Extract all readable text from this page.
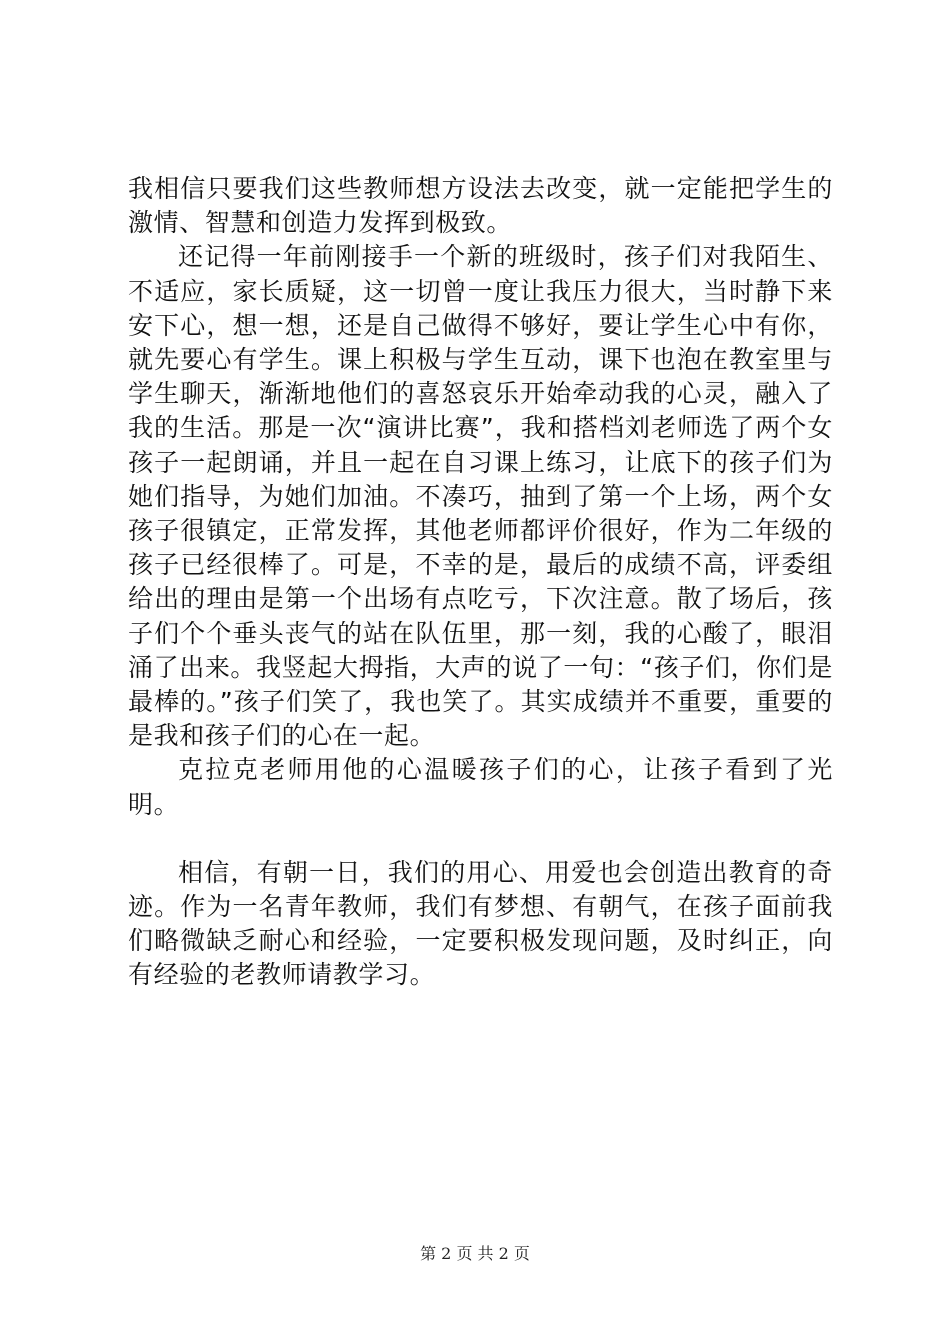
我相信只要我们这些教师想方设法去改变，就一定能把学生的激情、智慧和创造力发挥到极致。

还记得一年前刚接手一个新的班级时，孩子们对我陌生、不适应，家长质疑，这一切曾一度让我压力很大，当时静下来安下心，想一想，还是自己做得不够好，要让学生心中有你，就先要心有学生。课上积极与学生互动，课下也泡在教室里与学生聊天，渐渐地他们的喜怒哀乐开始牵动我的心灵，融入了我的生活。那是一次“演讲比赛”，我和搭档刘老师选了两个女孩子一起朗诵，并且一起在自习课上练习，让底下的孩子们为她们指导，为她们加油。不凑巧，抽到了第一个上场，两个女孩子很镇定，正常发挥，其他老师都评价很好，作为二年级的孩子已经很棒了。可是，不幸的是，最后的成绩不高，评委组给出的理由是第一个出场有点吃亏，下次注意。散了场后，孩子们个个垂头丧气的站在队伍里，那一刻，我的心酸了，眼泪涌了出来。我竖起大拇指，大声的说了一句：“孩子们，你们是最棒的。”孩子们笑了，我也笑了。其实成绩并不重要，重要的是我和孩子们的心在一起。

克拉克老师用他的心温暖孩子们的心，让孩子看到了光明。

相信，有朝一日，我们的用心、用爱也会创造出教育的奇迹。作为一名青年教师，我们有梦想、有朝气，在孩子面前我们略微缺乏耐心和经验，一定要积极发现问题，及时纠正，向有经验的老教师请教学习。

第 2 页 共 2 页
